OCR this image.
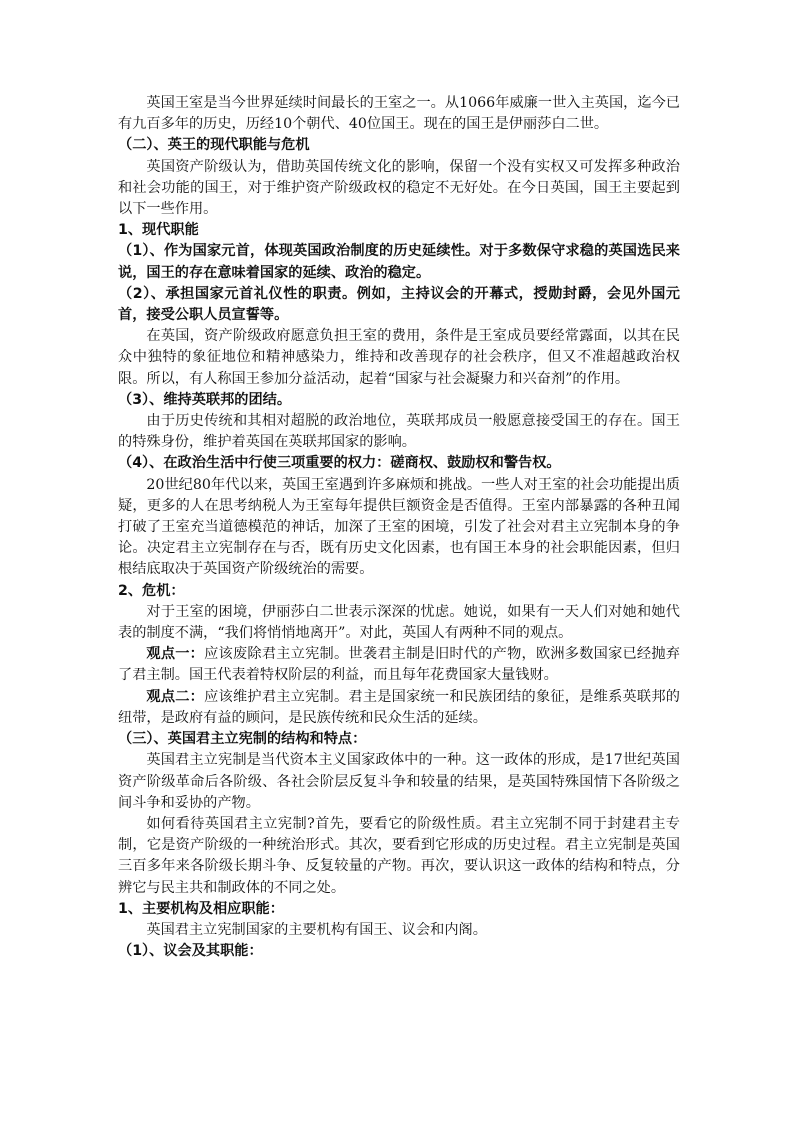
英国王室是当今世界延续时间最长的王室之一。从1066年威廉一世入主英国，迄今已有九百多年的历史，历经10个朝代、40位国王。现在的国王是伊丽莎白二世。

（二）、英王的现代职能与危机

英国资产阶级认为，借助英国传统文化的影响，保留一个没有实权又可发挥多种政治和社会功能的国王，对于维护资产阶级政权的稳定不无好处。在今日英国，国王主要起到以下一些作用。

1、现代职能

（1）、作为国家元首，体现英国政治制度的历史延续性。对于多数保守求稳的英国选民来说，国王的存在意味着国家的延续、政治的稳定。

（2）、承担国家元首礼仪性的职责。例如，主持议会的开幕式，授勋封爵，会见外国元首，接受公职人员宣誓等。

在英国，资产阶级政府愿意负担王室的费用，条件是王室成员要经常露面，以其在民众中独特的象征地位和精神感染力，维持和改善现存的社会秩序，但又不准超越政治权限。所以，有人称国王参加分益活动，起着“国家与社会凝聚力和兴奋剂”的作用。

（3）、维持英联邦的团结。

由于历史传统和其相对超脱的政治地位，英联邦成员一般愿意接受国王的存在。国王的特殊身份，维护着英国在英联邦国家的影响。

（4）、在政治生活中行使三项重要的权力：磋商权、鼓励权和警告权。

20世纪80年代以来，英国王室遇到许多麻烦和挑战。一些人对王室的社会功能提出质疑，更多的人在思考纳税人为王室每年提供巨额资金是否值得。王室内部暴露的各种丑闻打破了王室充当道德模范的神话，加深了王室的困境，引发了社会对君主立宪制本身的争论。决定君主立宪制存在与否，既有历史文化因素，也有国王本身的社会职能因素，但归根结底取决于英国资产阶级统治的需要。

2、危机：

对于王室的困境，伊丽莎白二世表示深深的忧虑。她说，如果有一天人们对她和她代表的制度不满，“我们将悄悄地离开”。对此，英国人有两种不同的观点。

观点一：应该废除君主立宪制。世袭君主制是旧时代的产物，欧洲多数国家已经抛弃了君主制。国王代表着特权阶层的利益，而且每年花费国家大量钱财。

观点二：应该维护君主立宪制。君主是国家统一和民族团结的象征，是维系英联邦的纽带，是政府有益的顾问，是民族传统和民众生活的延续。

（三）、英国君主立宪制的结构和特点：

英国君主立宪制是当代资本主义国家政体中的一种。这一政体的形成，是17世纪英国资产阶级革命后各阶级、各社会阶层反复斗争和较量的结果，是英国特殊国情下各阶级之间斗争和妥协的产物。

如何看待英国君主立宪制?首先，要看它的阶级性质。君主立宪制不同于封建君主专制，它是资产阶级的一种统治形式。其次，要看到它形成的历史过程。君主立宪制是英国三百多年来各阶级长期斗争、反复较量的产物。再次，要认识这一政体的结构和特点，分辨它与民主共和制政体的不同之处。

1、主要机构及相应职能：

英国君主立宪制国家的主要机构有国王、议会和内阁。

（1）、议会及其职能：
